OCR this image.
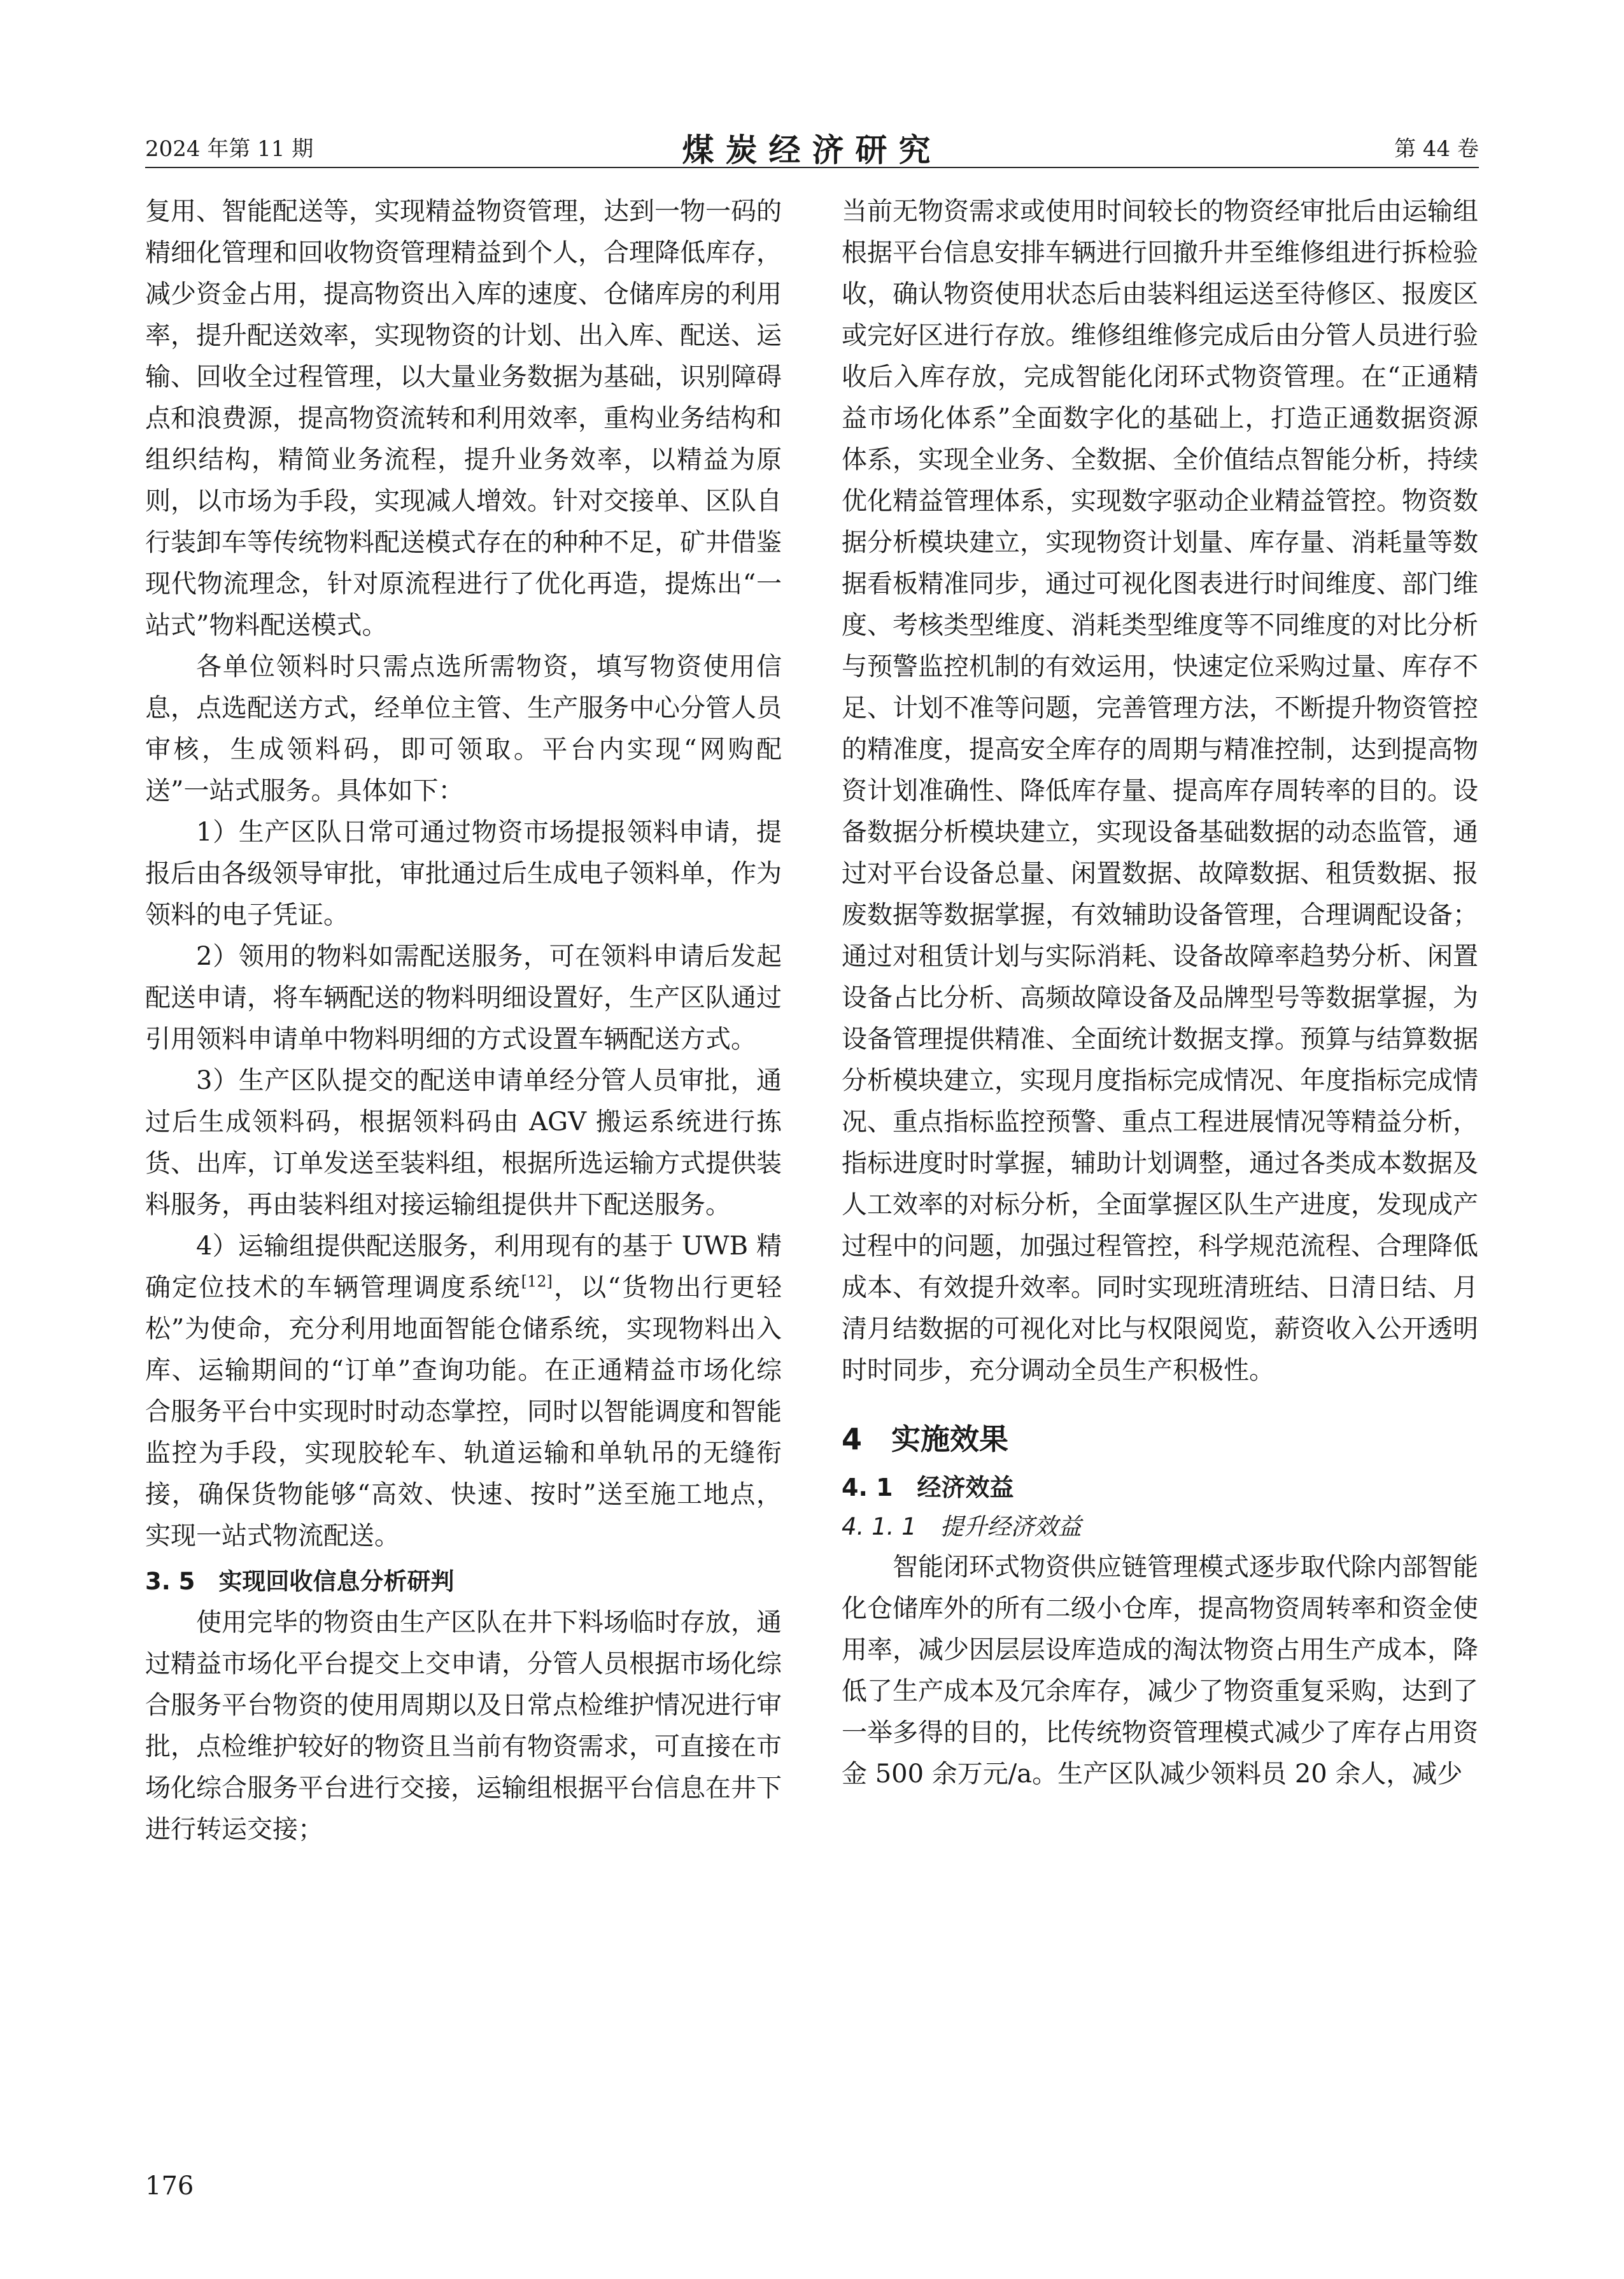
2024 年第 11 期	煤炭经济研究	第 44 卷

复用、智能配送等，实现精益物资管理，达到一物一码的精细化管理和回收物资管理精益到个人，合理降低库存，减少资金占用，提高物资出入库的速度、仓储库房的利用率，提升配送效率，实现物资的计划、出入库、配送、运输、回收全过程管理，以大量业务数据为基础，识别障碍点和浪费源，提高物资流转和利用效率，重构业务结构和组织结构，精简业务流程，提升业务效率，以精益为原则，以市场为手段，实现减人增效。针对交接单、区队自行装卸车等传统物料配送模式存在的种种不足，矿井借鉴现代物流理念，针对原流程进行了优化再造，提炼出“一站式”物料配送模式。

各单位领料时只需点选所需物资，填写物资使用信息，点选配送方式，经单位主管、生产服务中心分管人员审核，生成领料码，即可领取。平台内实现“网购配送”一站式服务。具体如下：

1）生产区队日常可通过物资市场提报领料申请，提报后由各级领导审批，审批通过后生成电子领料单，作为领料的电子凭证。

2）领用的物料如需配送服务，可在领料申请后发起配送申请，将车辆配送的物料明细设置好，生产区队通过引用领料申请单中物料明细的方式设置车辆配送方式。

3）生产区队提交的配送申请单经分管人员审批，通过后生成领料码，根据领料码由 AGV 搬运系统进行拣货、出库，订单发送至装料组，根据所选运输方式提供装料服务，再由装料组对接运输组提供井下配送服务。

4）运输组提供配送服务，利用现有的基于 UWB 精确定位技术的车辆管理调度系统[12]，以“货物出行更轻松”为使命，充分利用地面智能仓储系统，实现物料出入库、运输期间的“订单”查询功能。在正通精益市场化综合服务平台中实现时时动态掌控，同时以智能调度和智能监控为手段，实现胶轮车、轨道运输和单轨吊的无缝衔接，确保货物能够“高效、快速、按时”送至施工地点，实现一站式物流配送。

3. 5　实现回收信息分析研判

使用完毕的物资由生产区队在井下料场临时存放，通过精益市场化平台提交上交申请，分管人员根据市场化综合服务平台物资的使用周期以及日常点检维护情况进行审批，点检维护较好的物资且当前有物资需求，可直接在市场化综合服务平台进行交接，运输组根据平台信息在井下进行转运交接；

当前无物资需求或使用时间较长的物资经审批后由运输组根据平台信息安排车辆进行回撤升井至维修组进行拆检验收，确认物资使用状态后由装料组运送至待修区、报废区或完好区进行存放。维修组维修完成后由分管人员进行验收后入库存放，完成智能化闭环式物资管理。在“正通精益市场化体系”全面数字化的基础上，打造正通数据资源体系，实现全业务、全数据、全价值结点智能分析，持续优化精益管理体系，实现数字驱动企业精益管控。物资数据分析模块建立，实现物资计划量、库存量、消耗量等数据看板精准同步，通过可视化图表进行时间维度、部门维度、考核类型维度、消耗类型维度等不同维度的对比分析与预警监控机制的有效运用，快速定位采购过量、库存不足、计划不准等问题，完善管理方法，不断提升物资管控的精准度，提高安全库存的周期与精准控制，达到提高物资计划准确性、降低库存量、提高库存周转率的目的。设备数据分析模块建立，实现设备基础数据的动态监管，通过对平台设备总量、闲置数据、故障数据、租赁数据、报废数据等数据掌握，有效辅助设备管理，合理调配设备；通过对租赁计划与实际消耗、设备故障率趋势分析、闲置设备占比分析、高频故障设备及品牌型号等数据掌握，为设备管理提供精准、全面统计数据支撑。预算与结算数据分析模块建立，实现月度指标完成情况、年度指标完成情况、重点指标监控预警、重点工程进展情况等精益分析，指标进度时时掌握，辅助计划调整，通过各类成本数据及人工效率的对标分析，全面掌握区队生产进度，发现成产过程中的问题，加强过程管控，科学规范流程、合理降低成本、有效提升效率。同时实现班清班结、日清日结、月清月结数据的可视化对比与权限阅览，薪资收入公开透明时时同步，充分调动全员生产积极性。

4　实施效果
4. 1　经济效益
4. 1. 1　提升经济效益

智能闭环式物资供应链管理模式逐步取代除内部智能化仓储库外的所有二级小仓库，提高物资周转率和资金使用率，减少因层层设库造成的淘汰物资占用生产成本，降低了生产成本及冗余库存，减少了物资重复采购，达到了一举多得的目的，比传统物资管理模式减少了库存占用资金 500 余万元/a。生产区队减少领料员 20 余人，减少

176
